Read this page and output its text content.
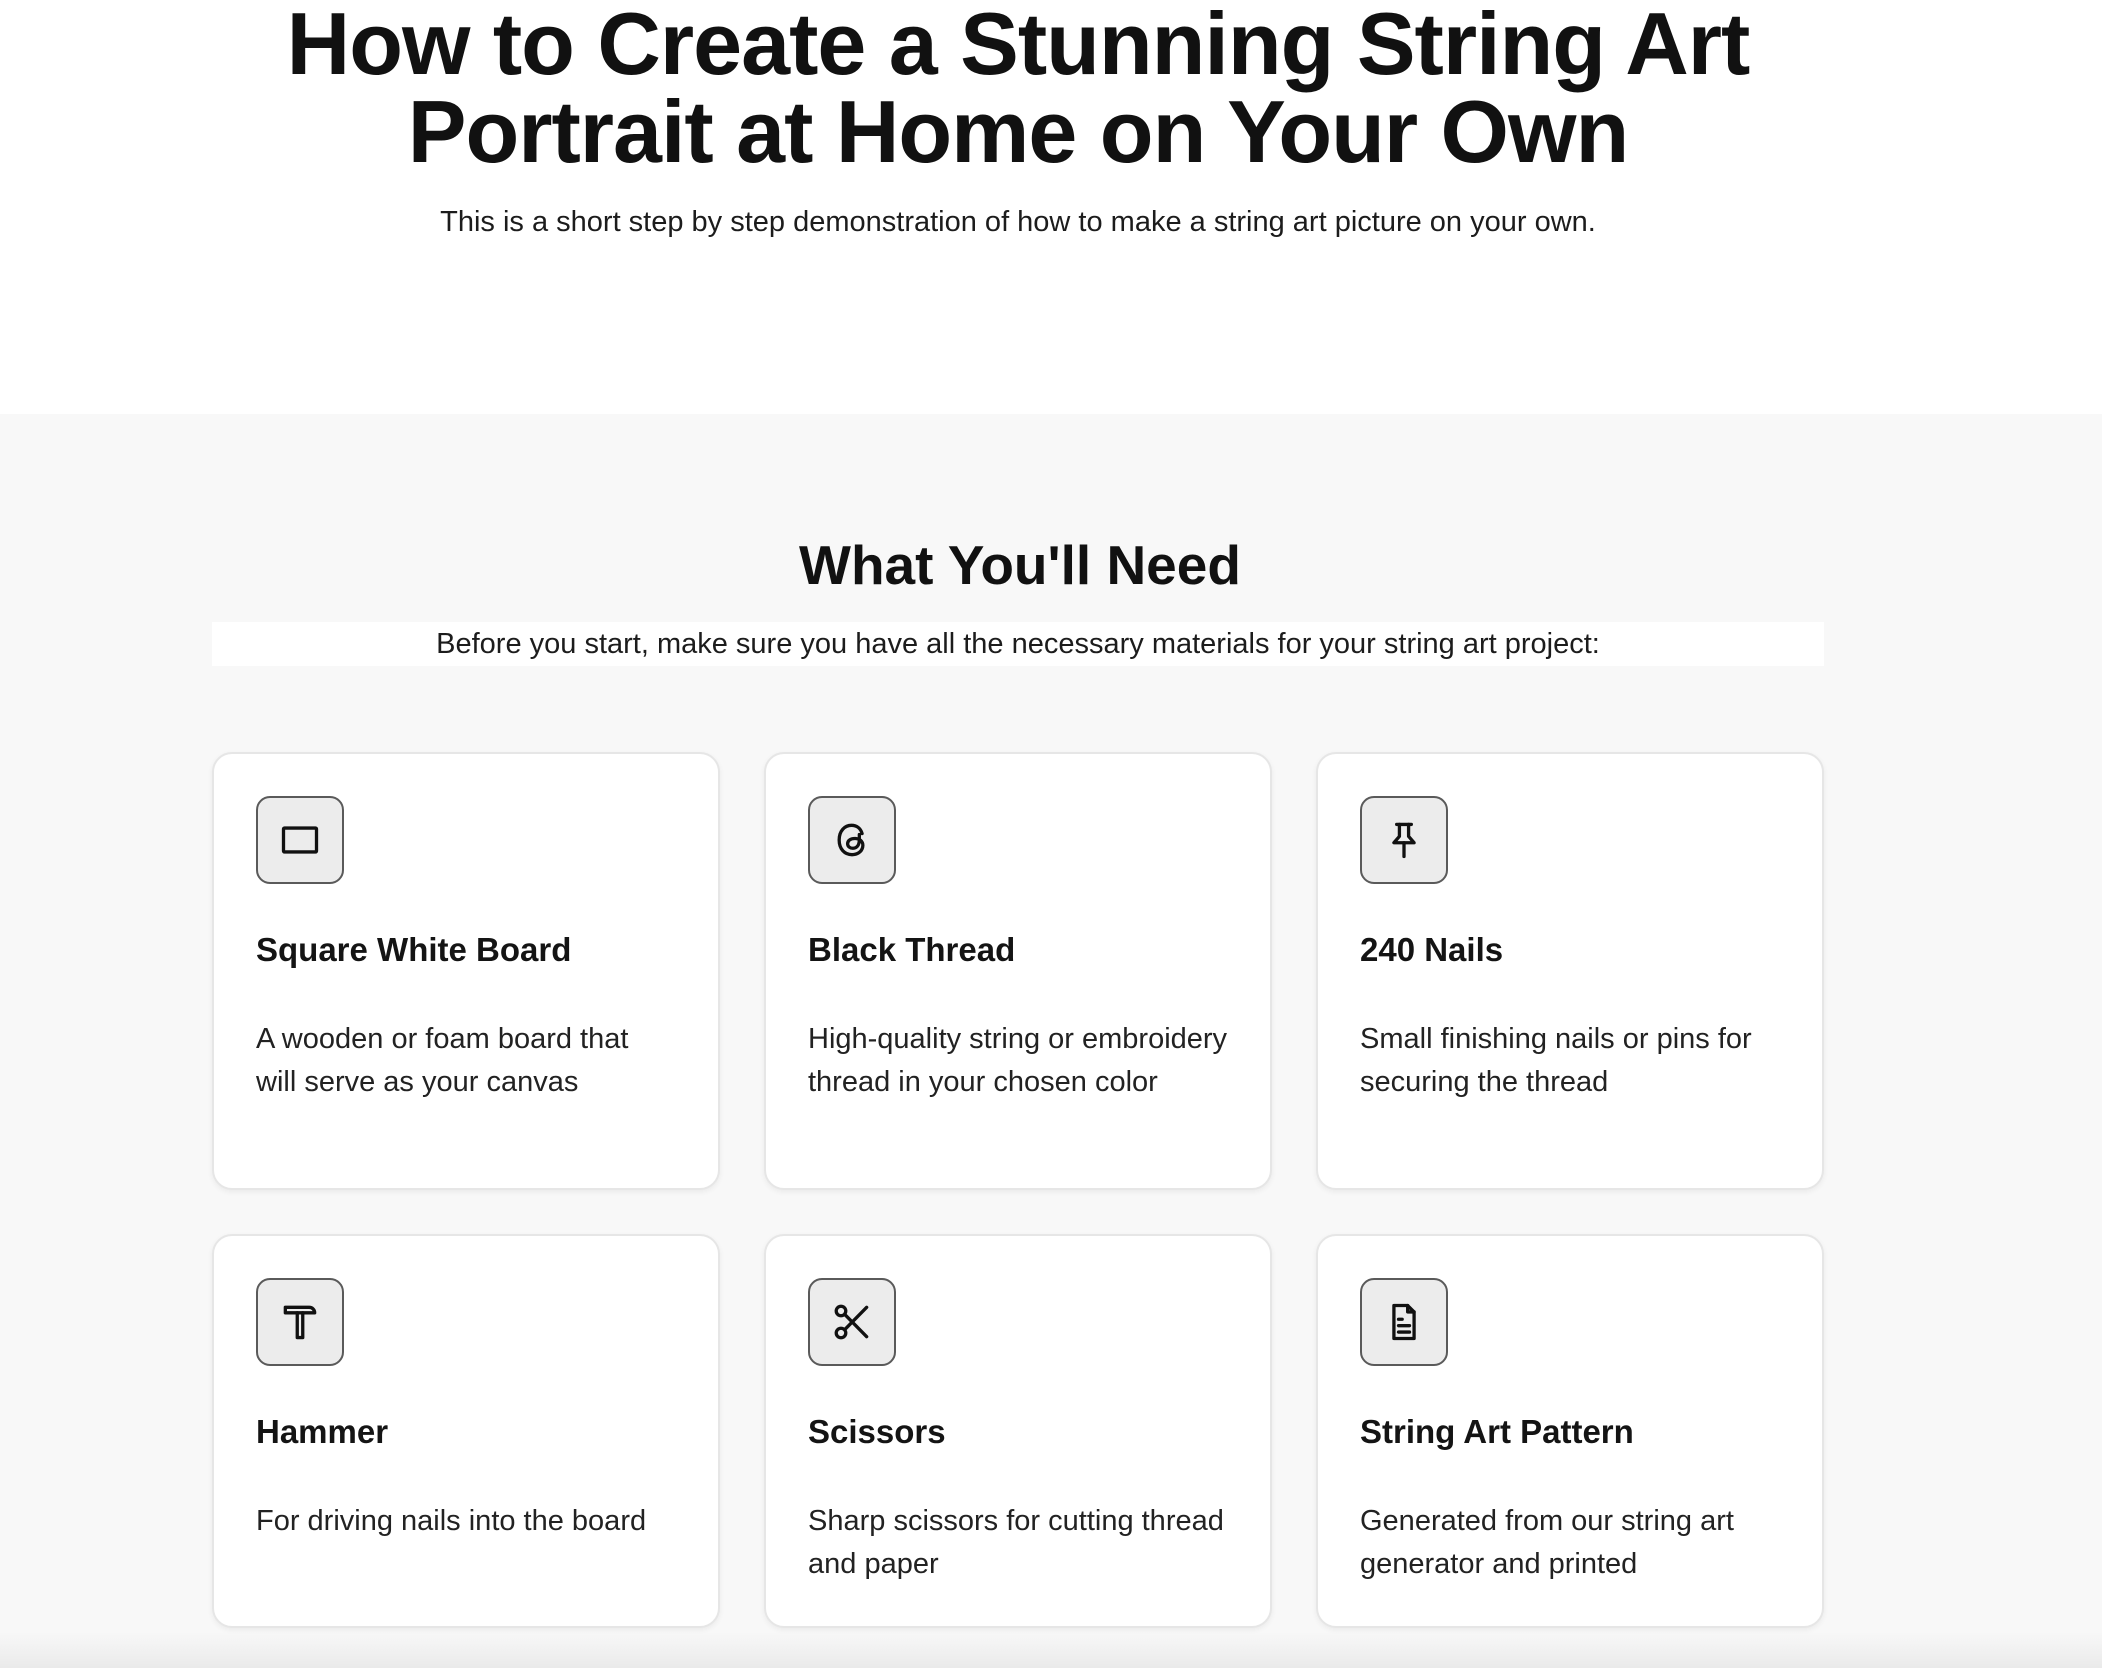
How to Create a Stunning String Art
Portrait at Home on Your Own

This is a short step by step demonstration of how to make a string art picture on your own.

What You'll Need

Before you start, make sure you have all the necessary materials for your string art project:

Square White Board

A wooden or foam board that will serve as your canvas

Black Thread

High-quality string or embroidery thread in your chosen color

240 Nails

Small finishing nails or pins for securing the thread

Hammer

For driving nails into the board

Scissors

Sharp scissors for cutting thread and paper

String Art Pattern

Generated from our string art generator and printed
